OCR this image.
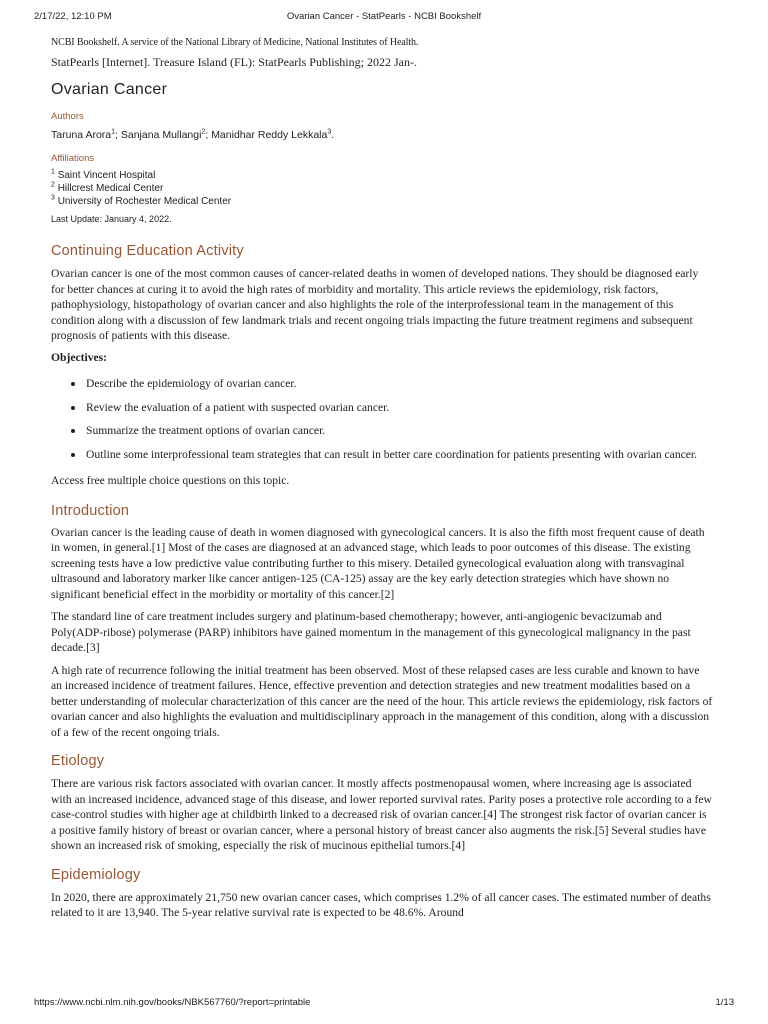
2/17/22, 12:10 PM	Ovarian Cancer - StatPearls - NCBI Bookshelf

NCBI Bookshelf. A service of the National Library of Medicine, National Institutes of Health.

StatPearls [Internet]. Treasure Island (FL): StatPearls Publishing; 2022 Jan-.

Ovarian Cancer
Authors
Taruna Arora$^1$; Sanjana Mullangi$^2$; Manidhar Reddy Lekkala$^3$.
Affiliations

$^1$ Saint Vincent Hospital

$^2$ Hillcrest Medical Center

$^3$ University of Rochester Medical Center

Last Update: January 4, 2022.

Continuing Education Activity

Ovarian cancer is one of the most common causes of cancer-related deaths in women of developed nations. They should be diagnosed early for better chances at curing it to avoid the high rates of morbidity and mortality. This article reviews the epidemiology, risk factors, pathophysiology, histopathology of ovarian cancer and also highlights the role of the interprofessional team in the management of this condition along with a discussion of few landmark trials and recent ongoing trials impacting the future treatment regimens and subsequent prognosis of patients with this disease.

Objectives:

Describe the epidemiology of ovarian cancer.
Review the evaluation of a patient with suspected ovarian cancer.
Summarize the treatment options of ovarian cancer.
Outline some interprofessional team strategies that can result in better care coordination for patients presenting with ovarian cancer.

Access free multiple choice questions on this topic.

Introduction

Ovarian cancer is the leading cause of death in women diagnosed with gynecological cancers. It is also the fifth most frequent cause of death in women, in general.[1] Most of the cases are diagnosed at an advanced stage, which leads to poor outcomes of this disease. The existing screening tests have a low predictive value contributing further to this misery. Detailed gynecological evaluation along with transvaginal ultrasound and laboratory marker like cancer antigen-125 (CA-125) assay are the key early detection strategies which have shown no significant beneficial effect in the morbidity or mortality of this cancer.[2]

The standard line of care treatment includes surgery and platinum-based chemotherapy; however, anti-angiogenic bevacizumab and Poly(ADP-ribose) polymerase (PARP) inhibitors have gained momentum in the management of this gynecological malignancy in the past decade.[3]

A high rate of recurrence following the initial treatment has been observed. Most of these relapsed cases are less curable and known to have an increased incidence of treatment failures. Hence, effective prevention and detection strategies and new treatment modalities based on a better understanding of molecular characterization of this cancer are the need of the hour. This article reviews the epidemiology, risk factors of ovarian cancer and also highlights the evaluation and multidisciplinary approach in the management of this condition, along with a discussion of a few of the recent ongoing trials.

Etiology

There are various risk factors associated with ovarian cancer. It mostly affects postmenopausal women, where increasing age is associated with an increased incidence, advanced stage of this disease, and lower reported survival rates. Parity poses a protective role according to a few case-control studies with higher age at childbirth linked to a decreased risk of ovarian cancer.[4] The strongest risk factor of ovarian cancer is a positive family history of breast or ovarian cancer, where a personal history of breast cancer also augments the risk.[5] Several studies have shown an increased risk of smoking, especially the risk of mucinous epithelial tumors.[4]

Epidemiology

In 2020, there are approximately 21,750 new ovarian cancer cases, which comprises 1.2% of all cancer cases. The estimated number of deaths related to it are 13,940. The 5-year relative survival rate is expected to be 48.6%. Around

https://www.ncbi.nlm.nih.gov/books/NBK567760/?report=printable	1/13
